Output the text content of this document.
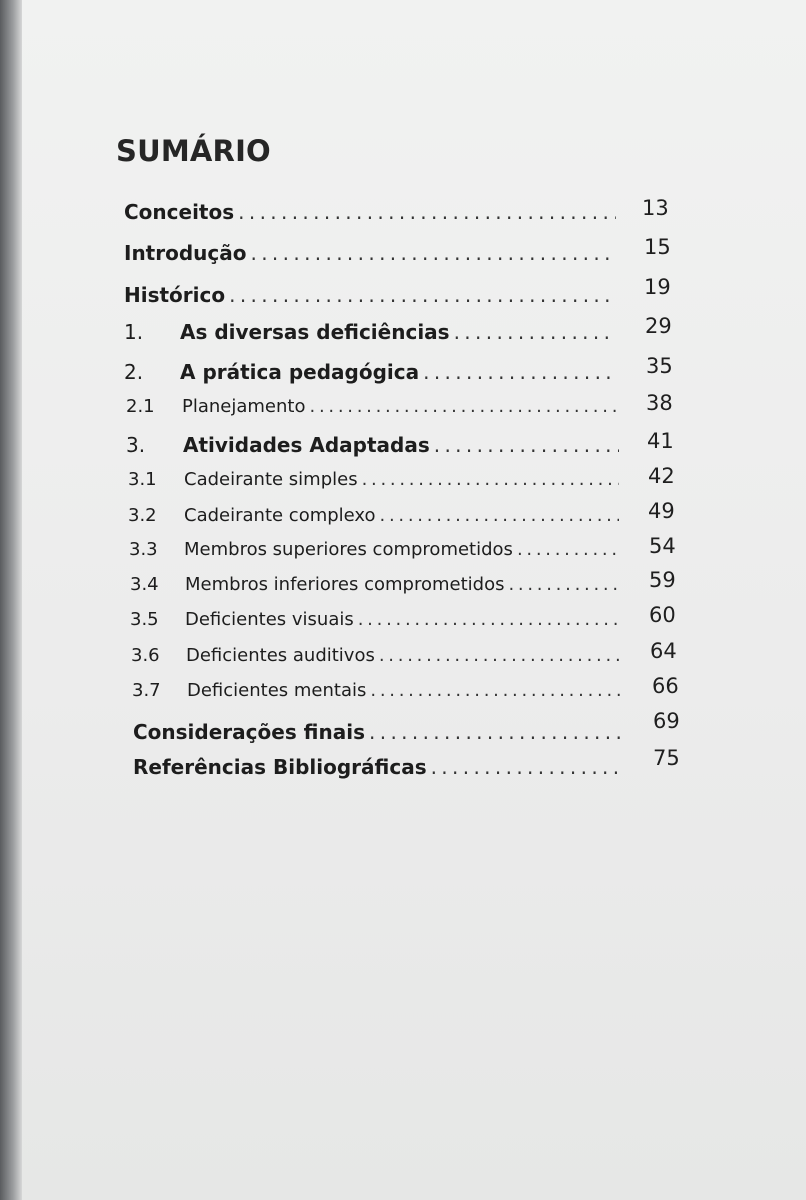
SUMÁRIO
Conceitos . . .	13
Introdução . . .	15
Histórico . . .	19
1.	As diversas deficiências . . .	29
2.	A prática pedagógica . . .	35
2.1	Planejamento . . .	38
3.	Atividades Adaptadas . . .	41
3.1	Cadeirante simples . . .	42
3.2	Cadeirante complexo . . .	49
3.3	Membros superiores comprometidos . . .	54
3.4	Membros inferiores comprometidos . . .	59
3.5	Deficientes visuais . . .	60
3.6	Deficientes auditivos . . .	64
3.7	Deficientes mentais . . .	66
Considerações finais . . .	69
Referências Bibliográficas . . .	75
